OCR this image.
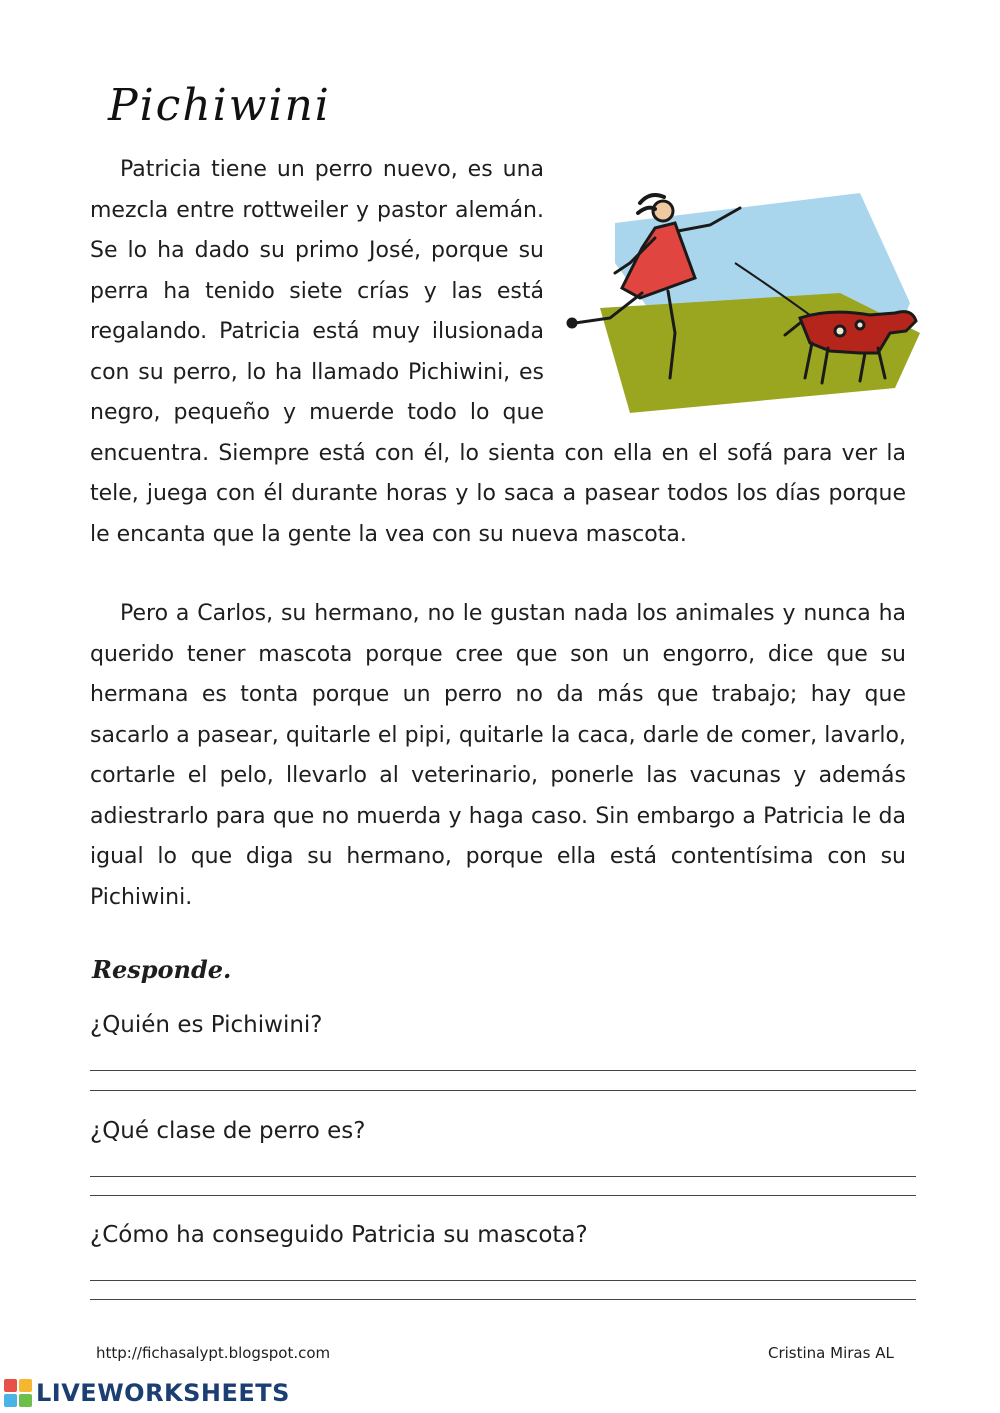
Pichiwini

Patricia tiene un perro nuevo, es una mezcla entre rottweiler y pastor alemán. Se lo ha dado su primo José, porque su perra ha tenido siete crías y las está regalando. Patricia está muy ilusionada con su perro, lo ha llamado Pichiwini, es negro, pequeño y muerde todo lo que encuentra. Siempre está con él, lo sienta con ella en el sofá para ver la tele, juega con él durante horas y lo saca a pasear todos los días porque le encanta que la gente la vea con su nueva mascota.

Pero a Carlos, su hermano, no le gustan nada los animales y nunca ha querido tener mascota porque cree que son un engorro, dice que su hermana es tonta porque un perro no da más que trabajo; hay que sacarlo a pasear, quitarle el pipi, quitarle la caca, darle de comer, lavarlo, cortarle el pelo, llevarlo al veterinario, ponerle las vacunas y además adiestrarlo para que no muerda y haga caso. Sin embargo a Patricia le da igual lo que diga su hermano, porque ella está contentísima con su Pichiwini.

Responde.

¿Quién es Pichiwini?

¿Qué clase de perro es?

¿Cómo ha conseguido Patricia su mascota?

http://fichasalypt.blogspot.com	Cristina Miras AL
LIVEWORKSHEETS
